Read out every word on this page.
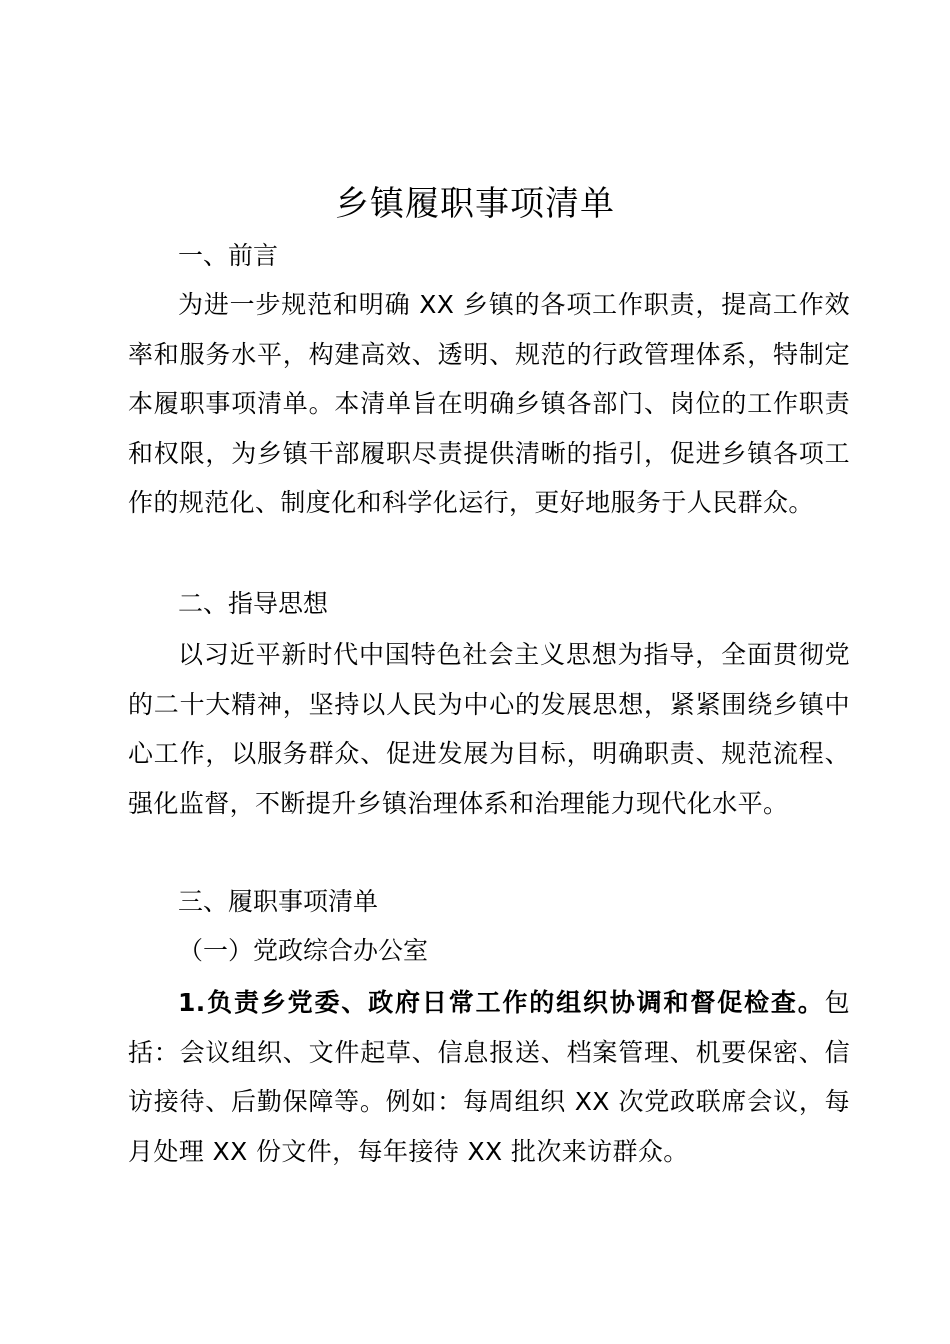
乡镇履职事项清单
一、前言

为进一步规范和明确 XX 乡镇的各项工作职责，提高工作效率和服务水平，构建高效、透明、规范的行政管理体系，特制定本履职事项清单。本清单旨在明确乡镇各部门、岗位的工作职责和权限，为乡镇干部履职尽责提供清晰的指引，促进乡镇各项工作的规范化、制度化和科学化运行，更好地服务于人民群众。

二、指导思想

以习近平新时代中国特色社会主义思想为指导，全面贯彻党的二十大精神，坚持以人民为中心的发展思想，紧紧围绕乡镇中心工作，以服务群众、促进发展为目标，明确职责、规范流程、强化监督，不断提升乡镇治理体系和治理能力现代化水平。

三、履职事项清单
（一）党政综合办公室

1.负责乡党委、政府日常工作的组织协调和督促检查。包括：会议组织、文件起草、信息报送、档案管理、机要保密、信访接待、后勤保障等。例如：每周组织 XX 次党政联席会议，每月处理 XX 份文件，每年接待 XX 批次来访群众。
